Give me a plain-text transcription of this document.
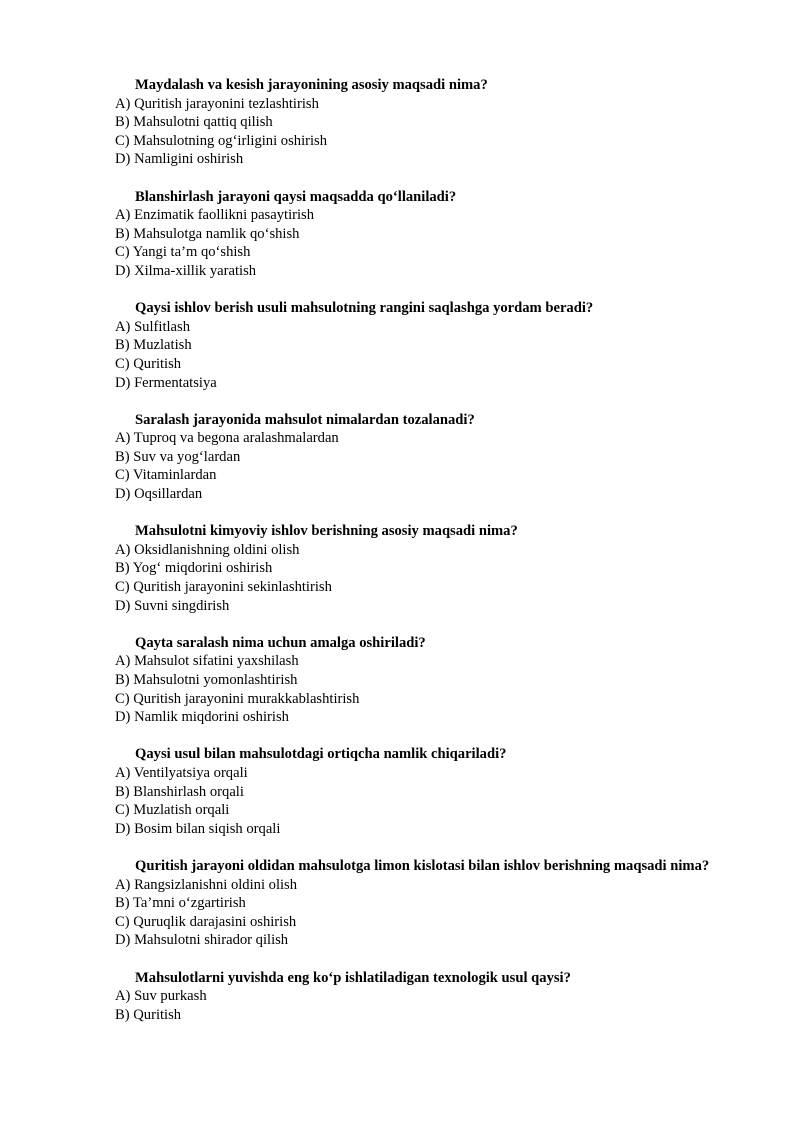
Maydalash va kesish jarayonining asosiy maqsadi nima?

A) Quritish jarayonini tezlashtirish

B) Mahsulotni qattiq qilish

C) Mahsulotning og‘irligini oshirish

D) Namligini oshirish

Blanshirlash jarayoni qaysi maqsadda qo‘llaniladi?

A) Enzimatik faollikni pasaytirish

B) Mahsulotga namlik qo‘shish

C) Yangi ta’m qo‘shish

D) Xilma-xillik yaratish

Qaysi ishlov berish usuli mahsulotning rangini saqlashga yordam beradi?

A) Sulfitlash

B) Muzlatish

C) Quritish

D) Fermentatsiya

Saralash jarayonida mahsulot nimalardan tozalanadi?

A) Tuproq va begona aralashmalardan

B) Suv va yog‘lardan

C) Vitaminlardan

D) Oqsillardan

Mahsulotni kimyoviy ishlov berishning asosiy maqsadi nima?

A) Oksidlanishning oldini olish

B) Yog‘ miqdorini oshirish

C) Quritish jarayonini sekinlashtirish

D) Suvni singdirish

Qayta saralash nima uchun amalga oshiriladi?

A) Mahsulot sifatini yaxshilash

B) Mahsulotni yomonlashtirish

C) Quritish jarayonini murakkablashtirish

D) Namlik miqdorini oshirish

Qaysi usul bilan mahsulotdagi ortiqcha namlik chiqariladi?

A) Ventilyatsiya orqali

B) Blanshirlash orqali

C) Muzlatish orqali

D) Bosim bilan siqish orqali

Quritish jarayoni oldidan mahsulotga limon kislotasi bilan ishlov berishning maqsadi nima?

A) Rangsizlanishni oldini olish

B) Ta’mni o‘zgartirish

C) Quruqlik darajasini oshirish

D) Mahsulotni shirador qilish

Mahsulotlarni yuvishda eng ko‘p ishlatiladigan texnologik usul qaysi?

A) Suv purkash

B) Quritish
